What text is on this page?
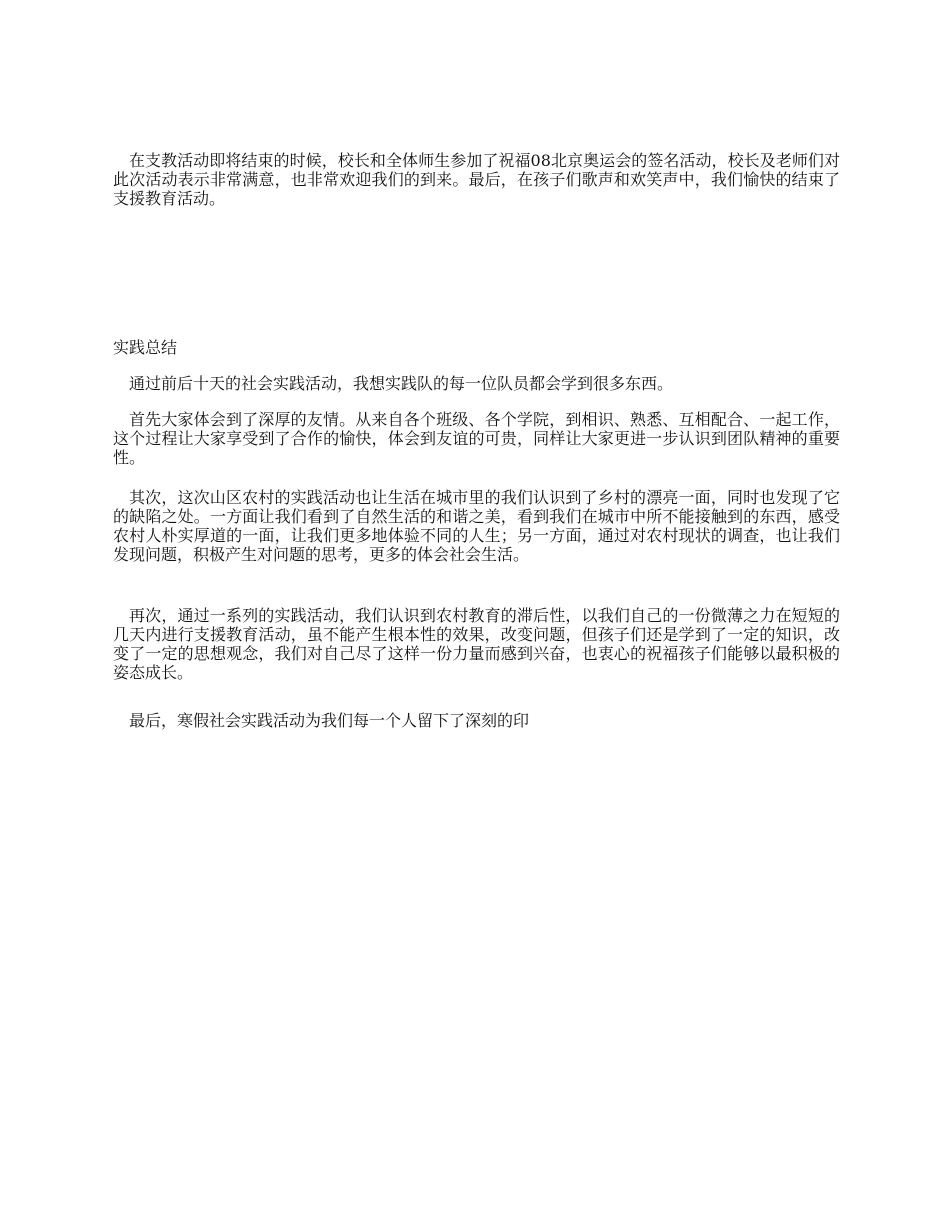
在支教活动即将结束的时候，校长和全体师生参加了祝福08北京奥运会的签名活动，校长及老师们对此次活动表示非常满意，也非常欢迎我们的到来。最后，在孩子们歌声和欢笑声中，我们愉快的结束了支援教育活动。

实践总结

通过前后十天的社会实践活动，我想实践队的每一位队员都会学到很多东西。

首先大家体会到了深厚的友情。从来自各个班级、各个学院，到相识、熟悉、互相配合、一起工作，这个过程让大家享受到了合作的愉快，体会到友谊的可贵，同样让大家更进一步认识到团队精神的重要性。

其次，这次山区农村的实践活动也让生活在城市里的我们认识到了乡村的漂亮一面，同时也发现了它的缺陷之处。一方面让我们看到了自然生活的和谐之美，看到我们在城市中所不能接触到的东西，感受农村人朴实厚道的一面，让我们更多地体验不同的人生；另一方面，通过对农村现状的调查，也让我们发现问题，积极产生对问题的思考，更多的体会社会生活。

再次，通过一系列的实践活动，我们认识到农村教育的滞后性，以我们自己的一份微薄之力在短短的几天内进行支援教育活动，虽不能产生根本性的效果，改变问题，但孩子们还是学到了一定的知识，改变了一定的思想观念，我们对自己尽了这样一份力量而感到兴奋，也衷心的祝福孩子们能够以最积极的姿态成长。

最后，寒假社会实践活动为我们每一个人留下了深刻的印
